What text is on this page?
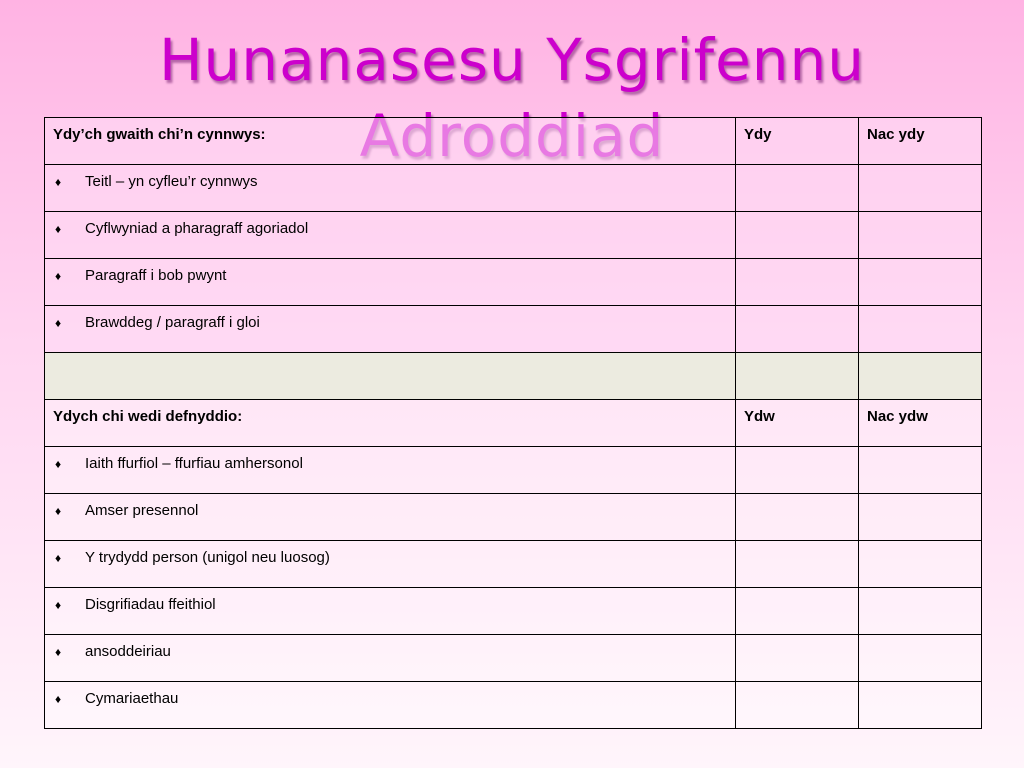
Hunanasesu Ysgrifennu
Ydy’ch gwaith chi’n cynnwys:	Ydy	Nac ydy
♦ Teitl – yn cyfleu’r cynnwys		
♦ Cyflwyniad a pharagraff agoriadol		
♦ Paragraff i bob pwynt		
♦ Brawddeg / paragraff i gloi		

Ydych chi wedi defnyddio:	Ydw	Nac ydw
♦ Iaith ffurfiol – ffurfiau amhersonol		
♦ Amser presennol		
♦ Y trydydd person (unigol neu luosog)		
♦ Disgrifiadau ffeithiol		
♦ ansoddeiriau		
♦ Cymariaethau		
